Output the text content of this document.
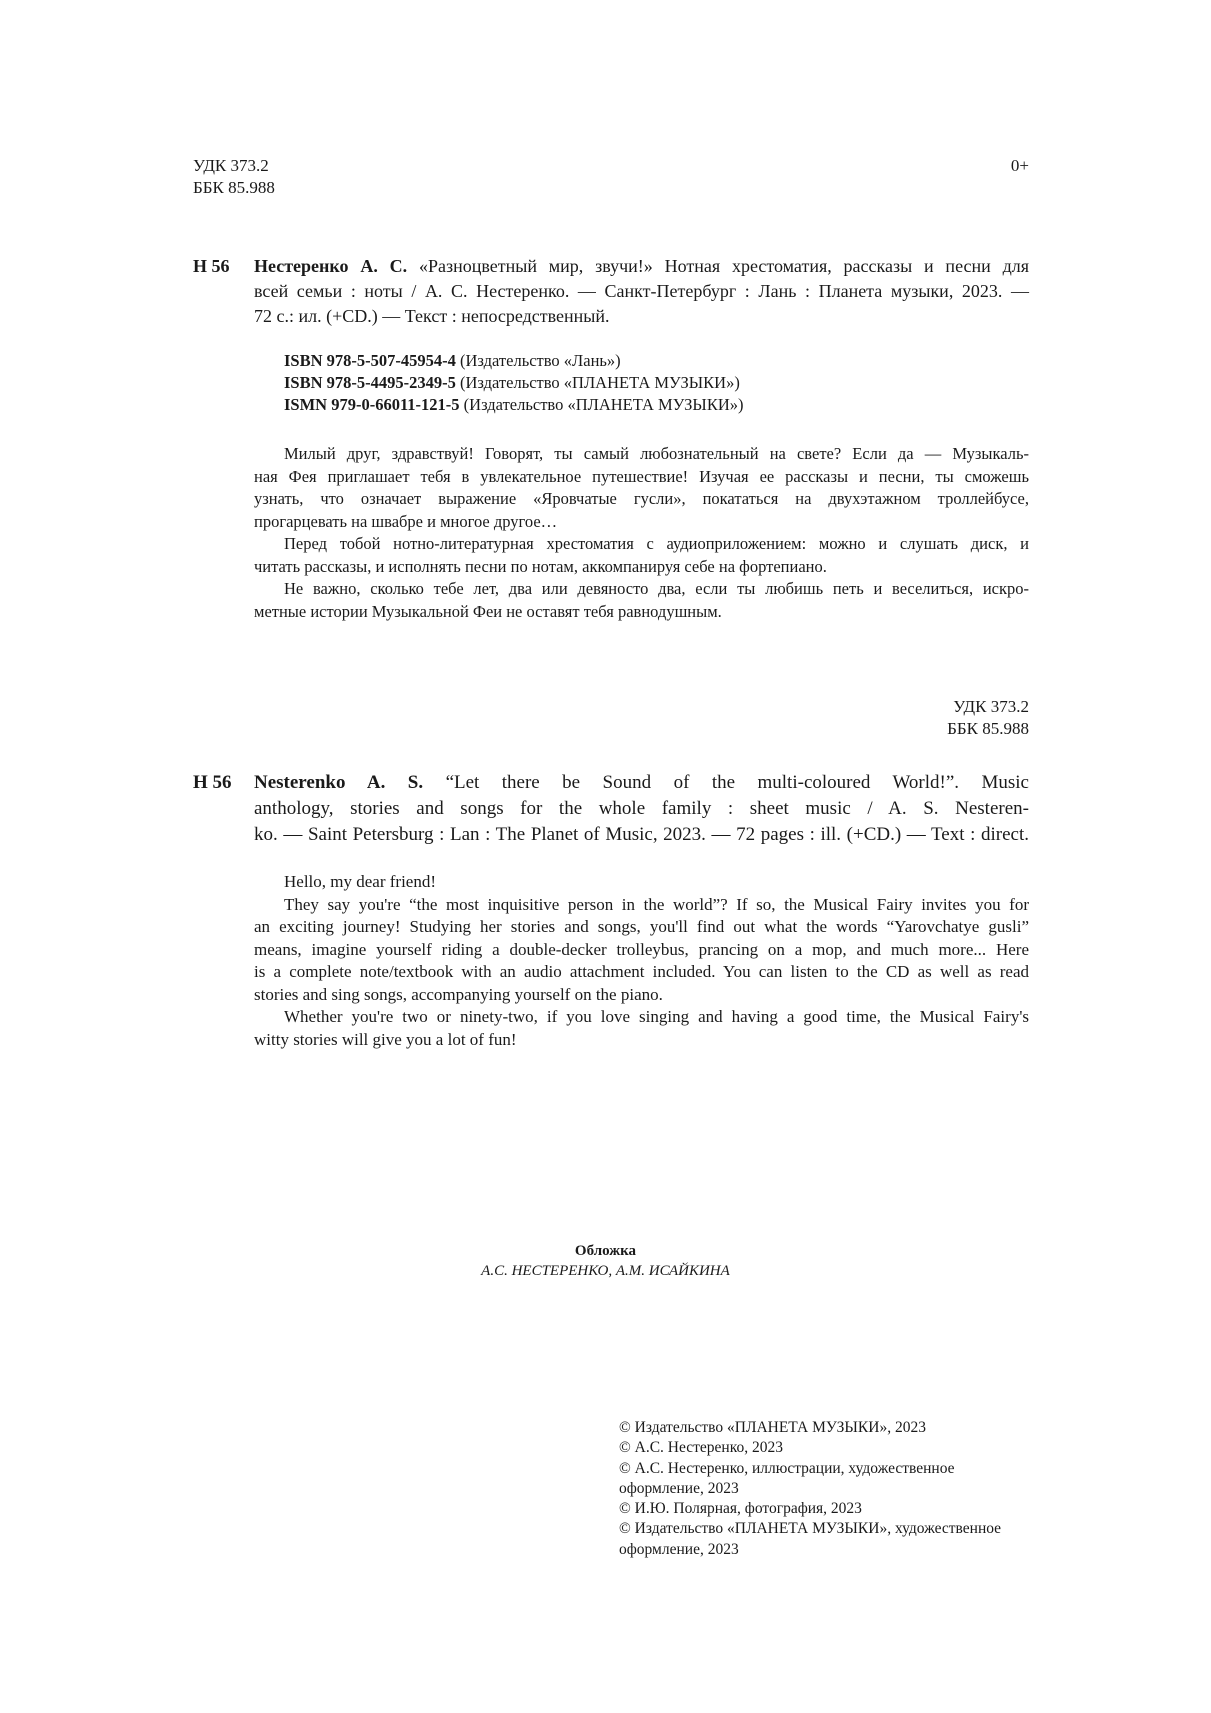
УДК 373.2
ББК 85.988
0+
Н 56 Нестеренко А. С. «Разноцветный мир, звучи!» Нотная хрестоматия, рассказы и песни для
всей семьи : ноты / А. С. Нестеренко. — Санкт-Петербург : Лань : Планета музыки, 2023. —
72 с.: ил. (+CD.) — Текст : непосредственный.
ISBN 978-5-507-45954-4 (Издательство «Лань»)
ISBN 978-5-4495-2349-5 (Издательство «ПЛАНЕТА МУЗЫКИ»)
ISMN 979-0-66011-121-5 (Издательство «ПЛАНЕТА МУЗЫКИ»)
Милый друг, здравствуй! Говорят, ты самый любознательный на свете? Если да — Музыкаль-
ная Фея приглашает тебя в увлекательное путешествие! Изучая ее рассказы и песни, ты сможешь
узнать, что означает выражение «Яровчатые гусли», покататься на двухэтажном троллейбусе,
прогарцевать на швабре и многое другое…
Перед тобой нотно-литературная хрестоматия с аудиоприложением: можно и слушать диск, и
читать рассказы, и исполнять песни по нотам, аккомпанируя себе на фортепиано.
Не важно, сколько тебе лет, два или девяносто два, если ты любишь петь и веселиться, искро-
метные истории Музыкальной Феи не оставят тебя равнодушным.
УДК 373.2
ББК 85.988
Н 56 Nesterenko A. S. “Let there be Sound of the multi-coloured World!”. Music
anthology, stories and songs for the whole family : sheet music / A. S. Nesteren-
ko. — Saint Petersburg : Lan : The Planet of Music, 2023. — 72 pages : ill. (+CD.) — Text : direct.
Hello, my dear friend!
They say you're “the most inquisitive person in the world”? If so, the Musical Fairy invites you for
an exciting journey! Studying her stories and songs, you'll find out what the words “Yarovchatye gusli”
means, imagine yourself riding a double-decker trolleybus, prancing on a mop, and much more... Here
is a complete note/textbook with an audio attachment included. You can listen to the CD as well as read
stories and sing songs, accompanying yourself on the piano.
Whether you're two or ninety-two, if you love singing and having a good time, the Musical Fairy's
witty stories will give you a lot of fun!
Обложка
А.С. НЕСТЕРЕНКО, А.М. ИСАЙКИНА
© Издательство «ПЛАНЕТА МУЗЫКИ», 2023
© А.С. Нестеренко, 2023
© А.С. Нестеренко, иллюстрации, художественное
оформление, 2023
© И.Ю. Полярная, фотография, 2023
© Издательство «ПЛАНЕТА МУЗЫКИ», художественное
оформление, 2023
